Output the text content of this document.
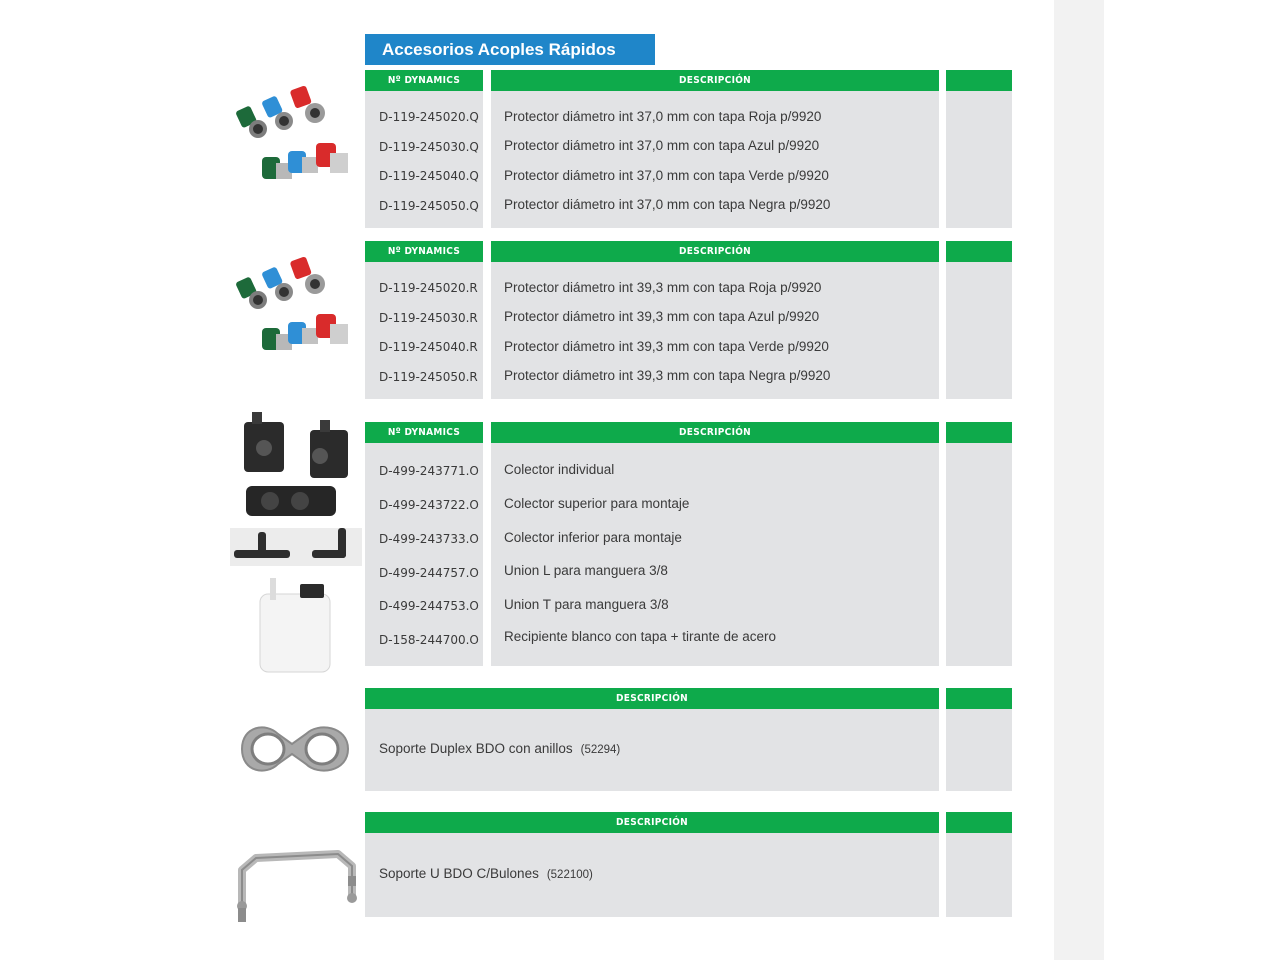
Accesorios Acoples Rápidos
Nº DYNAMICS	DESCRIPCIÓN
D-119-245020.Q Protector diámetro int 37,0 mm con tapa Roja p/9920
D-119-245030.Q Protector diámetro int 37,0 mm con tapa Azul p/9920
D-119-245040.Q Protector diámetro int 37,0 mm con tapa Verde p/9920
D-119-245050.Q Protector diámetro int 37,0 mm con tapa Negra p/9920
Nº DYNAMICS	DESCRIPCIÓN
D-119-245020.R Protector diámetro int 39,3 mm con tapa Roja p/9920
D-119-245030.R Protector diámetro int 39,3 mm con tapa Azul p/9920
D-119-245040.R Protector diámetro int 39,3 mm con tapa Verde p/9920
D-119-245050.R Protector diámetro int 39,3 mm con tapa Negra p/9920
Nº DYNAMICS	DESCRIPCIÓN
D-499-243771.O Colector individual
D-499-243722.O Colector superior para montaje
D-499-243733.O Colector inferior para montaje
D-499-244757.O Union L para manguera 3/8
D-499-244753.O Union T para manguera 3/8
D-158-244700.O Recipiente blanco con tapa + tirante de acero
DESCRIPCIÓN
Soporte Duplex BDO con anillos (52294)
DESCRIPCIÓN
Soporte U BDO C/Bulones (522100)
